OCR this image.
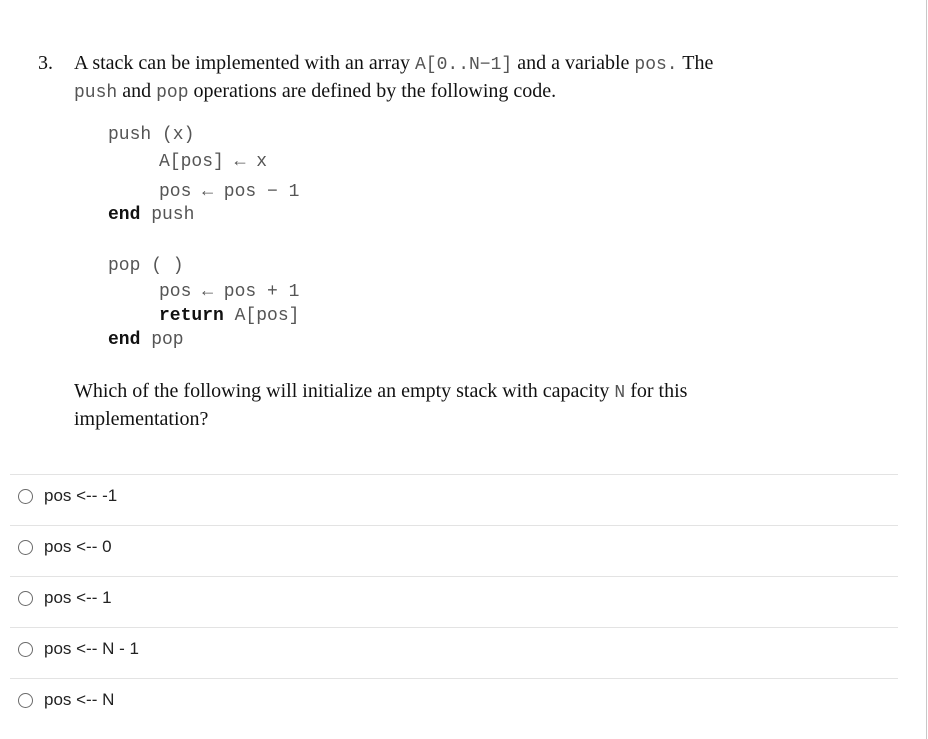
3. A stack can be implemented with an array A[0..N−1] and a variable pos. The
push and pop operations are defined by the following code.
push (x)
A[pos] ← x
pos ← pos − 1
end push
pop ( )
pos ← pos + 1
return A[pos]
end pop
Which of the following will initialize an empty stack with capacity N for this implementation?
pos <-- -1
pos <-- 0
pos <-- 1
pos <-- N - 1
pos <-- N
